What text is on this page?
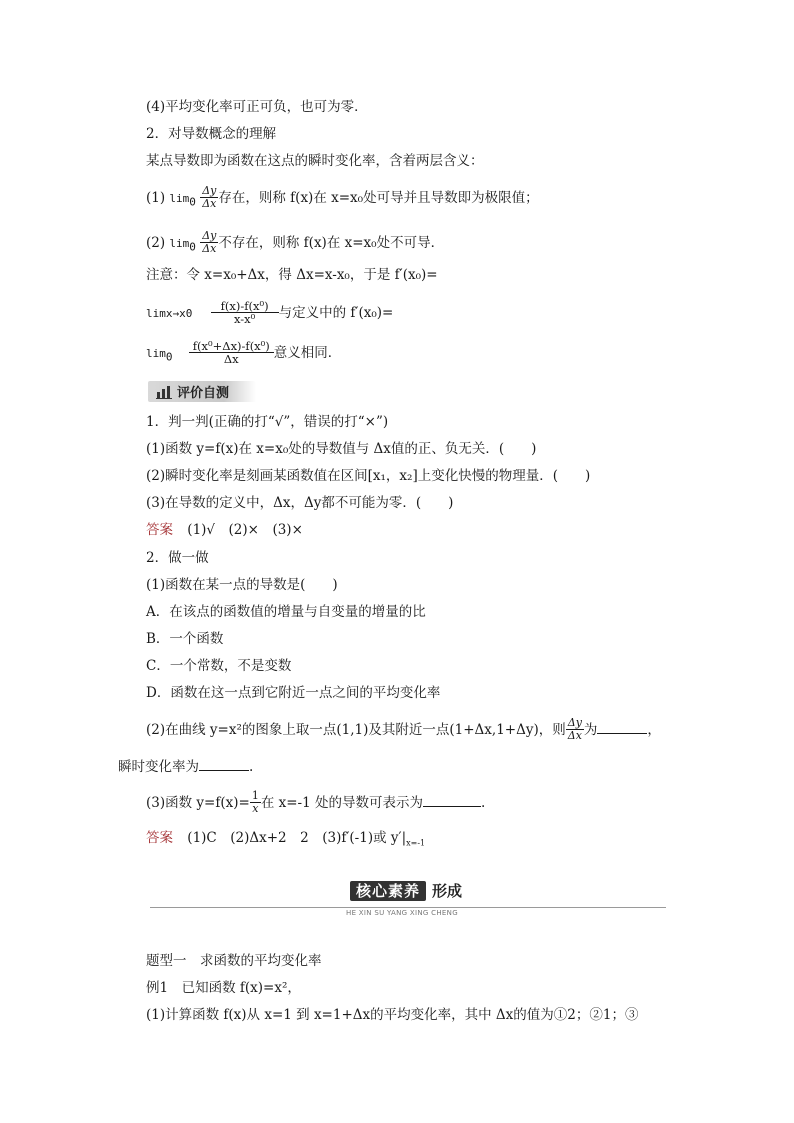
(4)平均变化率可正可负，也可为零．
2．对导数概念的理解
某点导数即为函数在这点的瞬时变化率，含着两层含义：
(1) $\lim_0 \frac{\Delta y}{\Delta x}$ 存在，则称 f(x)在 x=x₀处可导并且导数即为极限值；
(2) $\lim_0 \frac{\Delta y}{\Delta x}$ 不存在，则称 f(x)在 x=x₀处不可导．
注意：令 x=x₀+Δx，得 Δx=x-x₀，于是 f′(x₀)=
$\lim x\to x0 \frac{\text{f(x)-f(x⁰)}}{\text{x-x⁰}}$ 与定义中的 f′(x₀)=
$\lim_0 \frac{\text{f(x⁰+Δx)-f(x⁰)}}{\Delta x}$ 意义相同．
评价自测
1．判一判(正确的打“√”，错误的打“×”)
(1)函数 y=f(x)在 x=x₀处的导数值与 Δx值的正、负无关．(　　)
(2)瞬时变化率是刻画某函数值在区间[x₁，x₂]上变化快慢的物理量．(　　)
(3)在导数的定义中，Δx，Δy都不可能为零．(　　)
答案 (1)√　(2)×　(3)×
2．做一做
(1)函数在某一点的导数是(　　)
A．在该点的函数值的增量与自变量的增量的比
B．一个函数
C．一个常数，不是变数
D．函数在这一点到它附近一点之间的平均变化率
(2)在曲线 y=x²的图象上取一点(1,1)及其附近一点(1+Δx,1+Δy)，则 $\frac{\Delta y}{\Delta x}$ 为	，
瞬时变化率为	.
(3)函数 $y=f(x)= \frac{1}{x}$ 在 x=-1 处的导数可表示为	.
答案 (1)C　(2)Δx+2　2　(3)f′(-1)或 $y'|_{x=-1}$
核心素养 形成
HE XIN SU YANG XING CHENG
题型一　求函数的平均变化率
例1　已知函数 f(x)=x²，
(1)计算函数 f(x)从 x=1 到 x=1+Δx的平均变化率，其中 Δx的值为①2；②1；③
